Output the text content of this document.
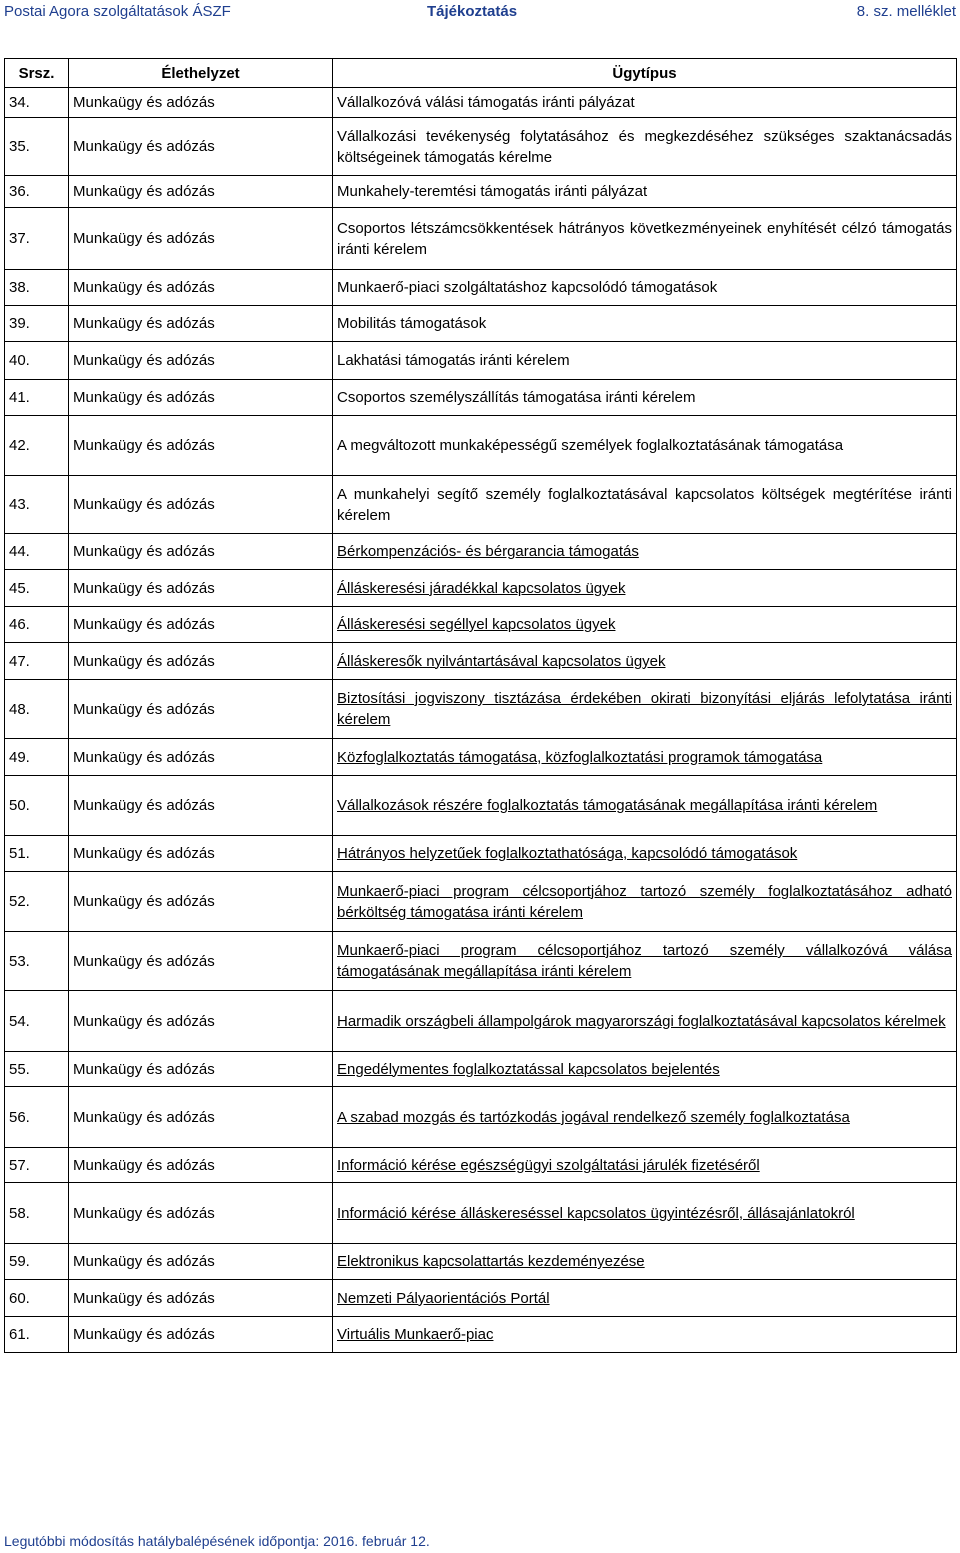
Postai Agora szolgáltatások ÁSZF	Tájékoztatás	8. sz. melléklet
Srsz.	Élethelyzet	Ügytípus
34.	Munkaügy és adózás	Vállalkozóvá válási támogatás iránti pályázat
35.	Munkaügy és adózás	Vállalkozási tevékenység folytatásához és megkezdéséhez szükséges szaktanácsadás költségeinek támogatás kérelme
36.	Munkaügy és adózás	Munkahely-teremtési támogatás iránti pályázat
37.	Munkaügy és adózás	Csoportos létszámcsökkentések hátrányos következményeinek enyhítését célzó támogatás iránti kérelem
38.	Munkaügy és adózás	Munkaerő-piaci szolgáltatáshoz kapcsolódó támogatások
39.	Munkaügy és adózás	Mobilitás támogatások
40.	Munkaügy és adózás	Lakhatási támogatás iránti kérelem
41.	Munkaügy és adózás	Csoportos személyszállítás támogatása iránti kérelem
42.	Munkaügy és adózás	A megváltozott munkaképességű személyek foglalkoztatásának támogatása
43.	Munkaügy és adózás	A munkahelyi segítő személy foglalkoztatásával kapcsolatos költségek megtérítése iránti kérelem
44.	Munkaügy és adózás	Bérkompenzációs- és bérgarancia támogatás
45.	Munkaügy és adózás	Álláskeresési járadékkal kapcsolatos ügyek
46.	Munkaügy és adózás	Álláskeresési segéllyel kapcsolatos ügyek
47.	Munkaügy és adózás	Álláskeresők nyilvántartásával kapcsolatos ügyek
48.	Munkaügy és adózás	Biztosítási jogviszony tisztázása érdekében okirati bizonyítási eljárás lefolytatása iránti kérelem
49.	Munkaügy és adózás	Közfoglalkoztatás támogatása, közfoglalkoztatási programok támogatása
50.	Munkaügy és adózás	Vállalkozások részére foglalkoztatás támogatásának megállapítása iránti kérelem
51.	Munkaügy és adózás	Hátrányos helyzetűek foglalkoztathatósága, kapcsolódó támogatások
52.	Munkaügy és adózás	Munkaerő-piaci program célcsoportjához tartozó személy foglalkoztatásához adható bérköltség támogatása iránti kérelem
53.	Munkaügy és adózás	Munkaerő-piaci program célcsoportjához tartozó személy vállalkozóvá válása támogatásának megállapítása iránti kérelem
54.	Munkaügy és adózás	Harmadik országbeli állampolgárok magyarországi foglalkoztatásával kapcsolatos kérelmek
55.	Munkaügy és adózás	Engedélymentes foglalkoztatással kapcsolatos bejelentés
56.	Munkaügy és adózás	A szabad mozgás és tartózkodás jogával rendelkező személy foglalkoztatása
57.	Munkaügy és adózás	Információ kérése egészségügyi szolgáltatási járulék fizetéséről
58.	Munkaügy és adózás	Információ kérése álláskereséssel kapcsolatos ügyintézésről, állásajánlatokról
59.	Munkaügy és adózás	Elektronikus kapcsolattartás kezdeményezése
60.	Munkaügy és adózás	Nemzeti Pályaorientációs Portál
61.	Munkaügy és adózás	Virtuális Munkaerő-piac
Legutóbbi módosítás hatálybalépésének időpontja: 2016. február 12.
